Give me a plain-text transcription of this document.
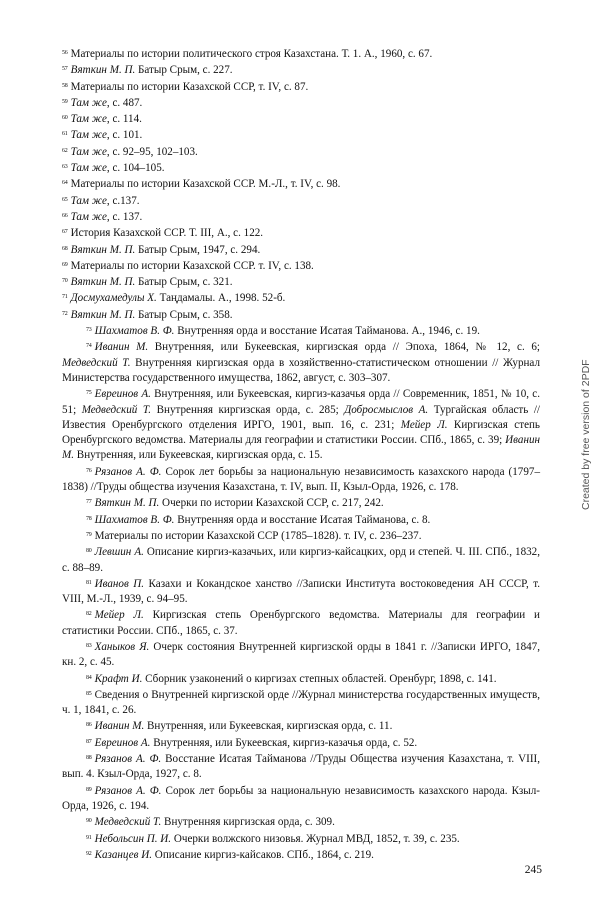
$^{56}$ Материалы по истории политического строя Казахстана. Т. 1. А., 1960, с. 67.
$^{57}$ Вяткин М. П. Батыр Срым, с. 227.
$^{58}$ Материалы по истории Казахской ССР, т. IV, с. 87.
$^{59}$ Там же, с. 487.
$^{60}$ Там же, с. 114.
$^{61}$ Там же, с. 101.
$^{62}$ Там же, с. 92–95, 102–103.
$^{63}$ Там же, с. 104–105.
$^{64}$ Материалы по истории Казахской ССР. М.-Л., т. IV, с. 98.
$^{65}$ Там же, с.137.
$^{66}$ Там же, с. 137.
$^{67}$ История Казахской ССР. Т. III, А., с. 122.
$^{68}$ Вяткин М. П. Батыр Срым, 1947, с. 294.
$^{69}$ Материалы по истории Казахской ССР. т. IV, с. 138.
$^{70}$ Вяткин М. П. Батыр Срым, с. 321.
$^{71}$ Досмухамедулы Х. Таңдамалы. А., 1998. 52-б.
$^{72}$ Вяткин М. П. Батыр Срым, с. 358.
$^{73}$ Шахматов В. Ф. Внутренняя орда и восстание Исатая Тайманова. А., 1946, с. 19.
$^{74}$ Иванин М. Внутренняя, или Букеевская, киргизская орда // Эпоха, 1864, № 12, с. 6; Медведский Т. Внутренняя киргизская орда в хозяйственно-статистическом отношении // Журнал Министерства государственного имущества, 1862, август, с. 303–307.
$^{75}$ Евреинов А. Внутренняя, или Букеевская, киргиз-казачья орда // Современник, 1851, № 10, с. 51; Медведский Т. Внутренняя киргизская орда, с. 285; Добросмыслов А. Тургайская область // Известия Оренбургского отделения ИРГО, 1901, вып. 16, с. 231; Мейер Л. Киргизская степь Оренбургского ведомства. Материалы для географии и статистики России. СПб., 1865, с. 39; Иванин М. Внутренняя, или Букеевская, киргизская орда, с. 15.
$^{76}$ Рязанов А. Ф. Сорок лет борьбы за национальную независимость казахского народа (1797–1838) //Труды общества изучения Казахстана, т. IV, вып. II, Кзыл-Орда, 1926, с. 178.
$^{77}$ Вяткин М. П. Очерки по истории Казахской ССР, с. 217, 242.
$^{78}$ Шахматов В. Ф. Внутренняя орда и восстание Исатая Тайманова, с. 8.
$^{79}$ Материалы по истории Казахской ССР (1785–1828). т. IV, с. 236–237.
$^{80}$ Левшин А. Описание киргиз-казачьих, или киргиз-кайсацких, орд и степей. Ч. III. СПб., 1832, с. 88–89.
$^{81}$ Иванов П. Казахи и Кокандское ханство //Записки Института востоковедения АН СССР, т. VIII, М.-Л., 1939, с. 94–95.
$^{82}$ Мейер Л. Киргизская степь Оренбургского ведомства. Материалы для географии и статистики России. СПб., 1865, с. 37.
$^{83}$ Ханыков Я. Очерк состояния Внутренней киргизской орды в 1841 г. //Записки ИРГО, 1847, кн. 2, с. 45.
$^{84}$ Крафт И. Сборник узаконений о киргизах степных областей. Оренбург, 1898, с. 141.
$^{85}$ Сведения о Внутренней киргизской орде //Журнал министерства государственных имуществ, ч. 1, 1841, с. 26.
$^{86}$ Иванин М. Внутренняя, или Букеевская, киргизская орда, с. 11.
$^{87}$ Евреинов А. Внутренняя, или Букеевская, киргиз-казачья орда, с. 52.
$^{88}$ Рязанов А. Ф. Восстание Исатая Тайманова //Труды Общества изучения Казахстана, т. VIII, вып. 4. Кзыл-Орда, 1927, с. 8.
$^{89}$ Рязанов А. Ф. Сорок лет борьбы за национальную независимость казахского народа. Кзыл-Орда, 1926, с. 194.
$^{90}$ Медведский Т. Внутренняя киргизская орда, с. 309.
$^{91}$ Небольсин П. И. Очерки волжского низовья. Журнал МВД, 1852, т. 39, с. 235.
$^{92}$ Казанцев И. Описание киргиз-кайсаков. СПб., 1864, с. 219.
245
Created by free version of 2PDF
